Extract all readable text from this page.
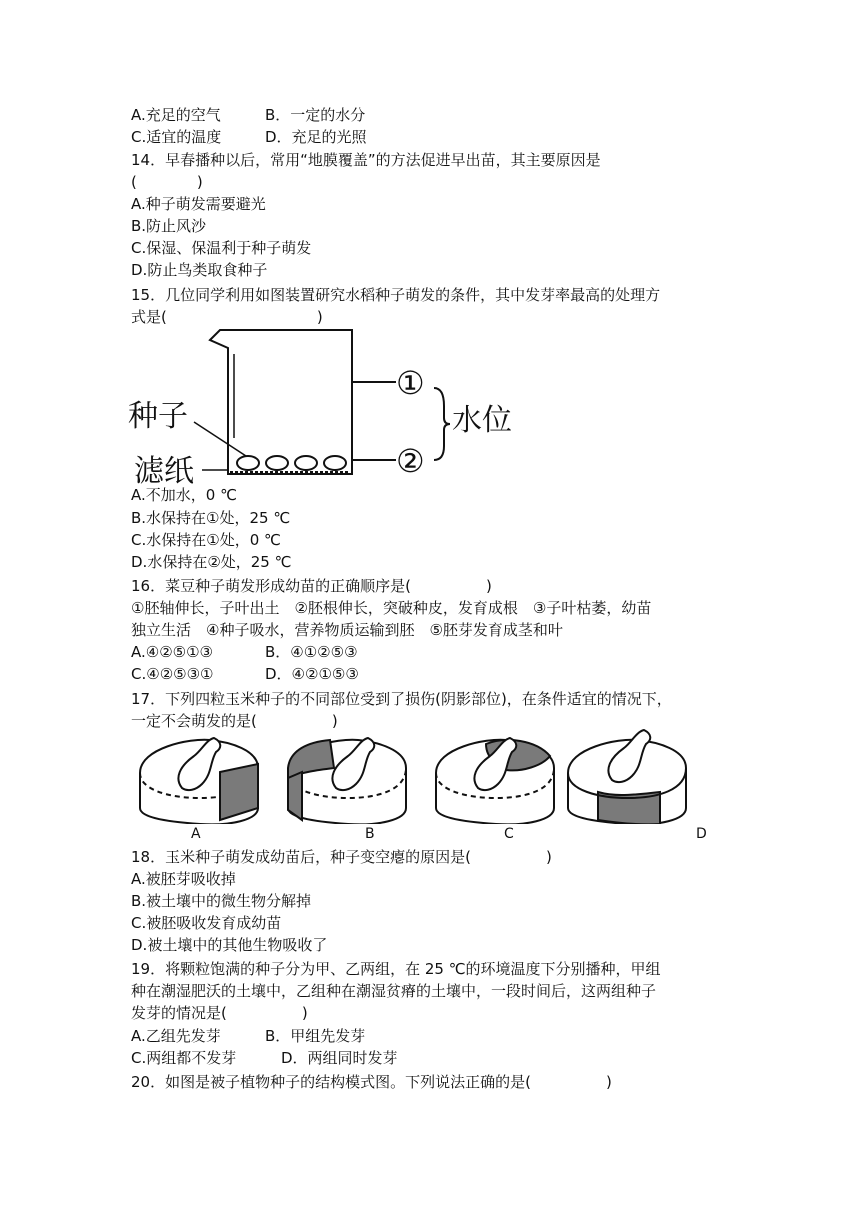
A.充足的空气	B．一定的水分
C.适宜的温度	D．充足的光照
14．早春播种以后，常用“地膜覆盖”的方法促进早出苗，其主要原因是
(　　　　)
A.种子萌发需要避光
B.防止风沙
C.保湿、保温利于种子萌发
D.防止鸟类取食种子
15．几位同学利用如图装置研究水稻种子萌发的条件，其中发芽率最高的处理方
式是(　　　　　　　　　　)
种子
滤纸
①
②
水位
A.不加水，0 ℃
B.水保持在①处，25 ℃
C.水保持在①处，0 ℃
D.水保持在②处，25 ℃
16．菜豆种子萌发形成幼苗的正确顺序是(　　　　　)
①胚轴伸长，子叶出土　②胚根伸长，突破种皮，发育成根　③子叶枯萎，幼苗
独立生活　④种子吸水，营养物质运输到胚　⑤胚芽发育成茎和叶
A.④②⑤①③	B．④①②⑤③
C.④②⑤③①	D．④②①⑤③
17．下列四粒玉米种子的不同部位受到了损伤(阴影部位)，在条件适宜的情况下，
一定不会萌发的是(　　　　　)
A	B	C	D
18．玉米种子萌发成幼苗后，种子变空瘪的原因是(　　　　　)
A.被胚芽吸收掉
B.被土壤中的微生物分解掉
C.被胚吸收发育成幼苗
D.被土壤中的其他生物吸收了
19．将颗粒饱满的种子分为甲、乙两组，在 25 ℃的环境温度下分别播种，甲组
种在潮湿肥沃的土壤中，乙组种在潮湿贫瘠的土壤中，一段时间后，这两组种子
发芽的情况是(　　　　　)
A.乙组先发芽	B．甲组先发芽
C.两组都不发芽	D．两组同时发芽
20．如图是被子植物种子的结构模式图。下列说法正确的是(　　　　　)
